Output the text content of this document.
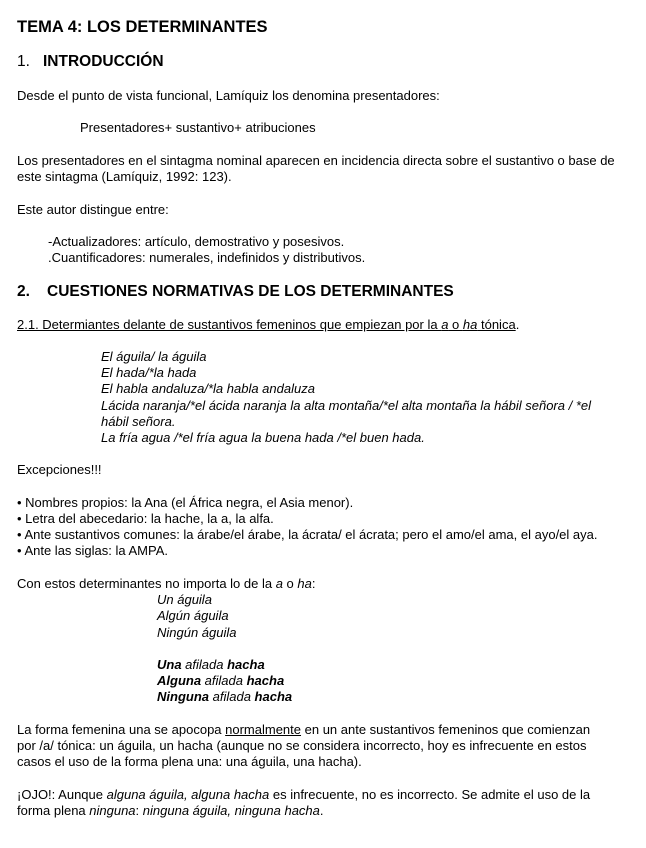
TEMA 4: LOS DETERMINANTES
1. INTRODUCCIÓN
Desde el punto de vista funcional, Lamíquiz los denomina presentadores:
Presentadores+ sustantivo+ atribuciones
Los presentadores en el sintagma nominal aparecen en incidencia directa sobre el sustantivo o base de este sintagma (Lamíquiz, 1992: 123).
Este autor distingue entre:
-Actualizadores: artículo, demostrativo y posesivos.
.Cuantificadores: numerales, indefinidos y distributivos.
2. CUESTIONES NORMATIVAS DE LOS DETERMINANTES
2.1. Determiantes delante de sustantivos femeninos que empiezan por la a o ha tónica.
El águila/ la águila
El hada/*la hada
El habla andaluza/*la habla andaluza
Lácida naranja/*el ácida naranja la alta montaña/*el alta montaña la hábil señora / *el
hábil señora.
La fría agua /*el fría agua la buena hada /*el buen hada.
Excepciones!!!
• Nombres propios: la Ana (el África negra, el Asia menor).
• Letra del abecedario: la hache, la a, la alfa.
• Ante sustantivos comunes: la árabe/el árabe, la ácrata/ el ácrata; pero el amo/el ama, el ayo/el aya.
• Ante las siglas: la AMPA.
Con estos determinantes no importa lo de la a o ha:
Un águila
Algún águila
Ningún águila
Una afilada hacha
Alguna afilada hacha
Ninguna afilada hacha
La forma femenina una se apocopa normalmente en un ante sustantivos femeninos que comienzan
por /a/ tónica: un águila, un hacha (aunque no se considera incorrecto, hoy es infrecuente en estos
casos el uso de la forma plena una: una águila, una hacha).
¡OJO!: Aunque alguna águila, alguna hacha es infrecuente, no es incorrecto. Se admite el uso de la
forma plena ninguna: ninguna águila, ninguna hacha.
